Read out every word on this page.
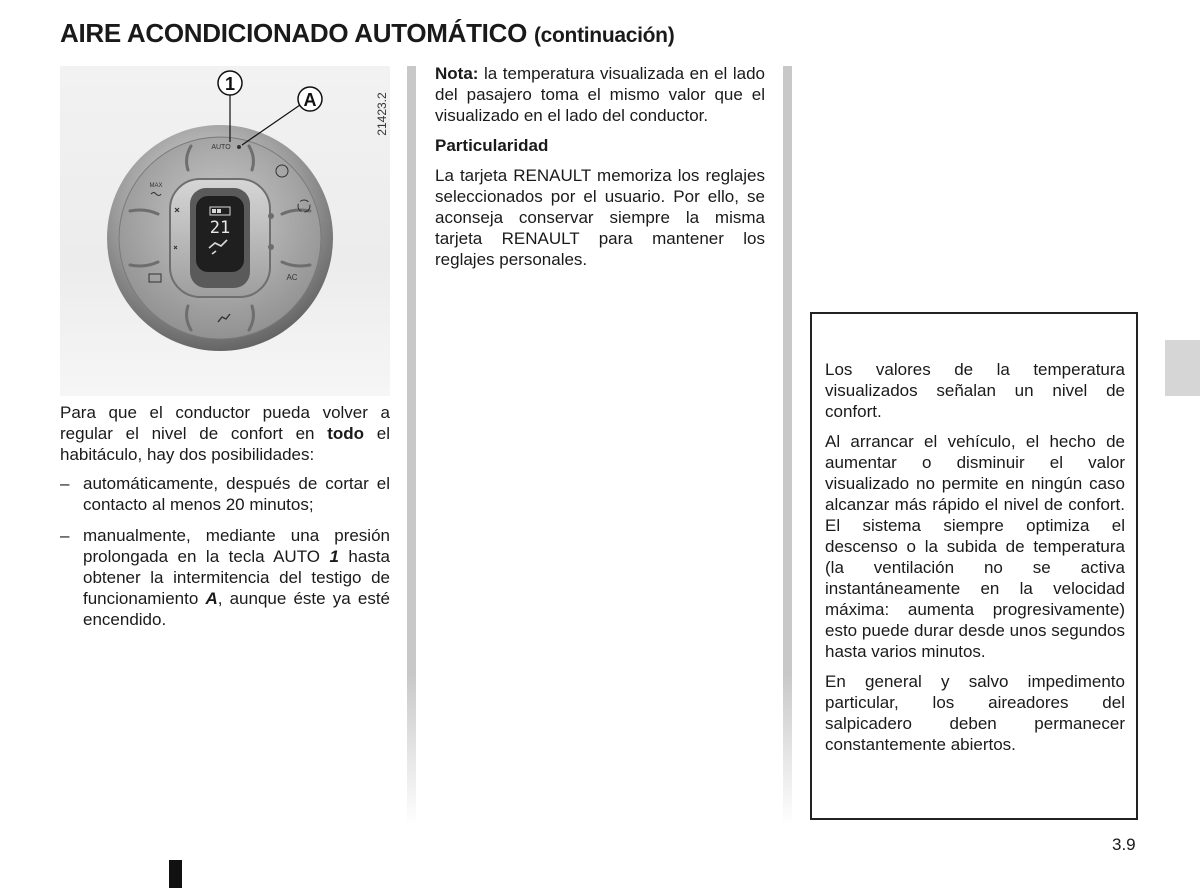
AIRE ACONDICIONADO AUTOMÁTICO (continuación)
21
AUTO
MAX
AC
1
A	21423.2

Para que el conductor pueda volver a regular el nivel de confort en todo el habitáculo, hay dos posibilidades:

– automáticamente, después de cortar el contacto al menos 20 minutos;
– manualmente, mediante una presión prolongada en la tecla AUTO 1 hasta obtener la intermitencia del testigo de funcionamiento A, aunque éste ya esté encendido.

Nota: la temperatura visualizada en el lado del pasajero toma el mismo valor que el visualizado en el lado del conductor.

Particularidad

La tarjeta RENAULT memoriza los reglajes seleccionados por el usuario. Por ello, se aconseja conservar siempre la misma tarjeta RENAULT para mantener los reglajes personales.

Los valores de la temperatura visualizados señalan un nivel de confort.

Al arrancar el vehículo, el hecho de aumentar o disminuir el valor visualizado no permite en ningún caso alcanzar más rápido el nivel de confort. El sistema siempre optimiza el descenso o la subida de temperatura (la ventilación no se activa instantáneamente en la velocidad máxima: aumenta progresivamente) esto puede durar desde unos segundos hasta varios minutos.

En general y salvo impedimento particular, los aireadores del salpicadero deben permanecer constantemente abiertos.

3.9
